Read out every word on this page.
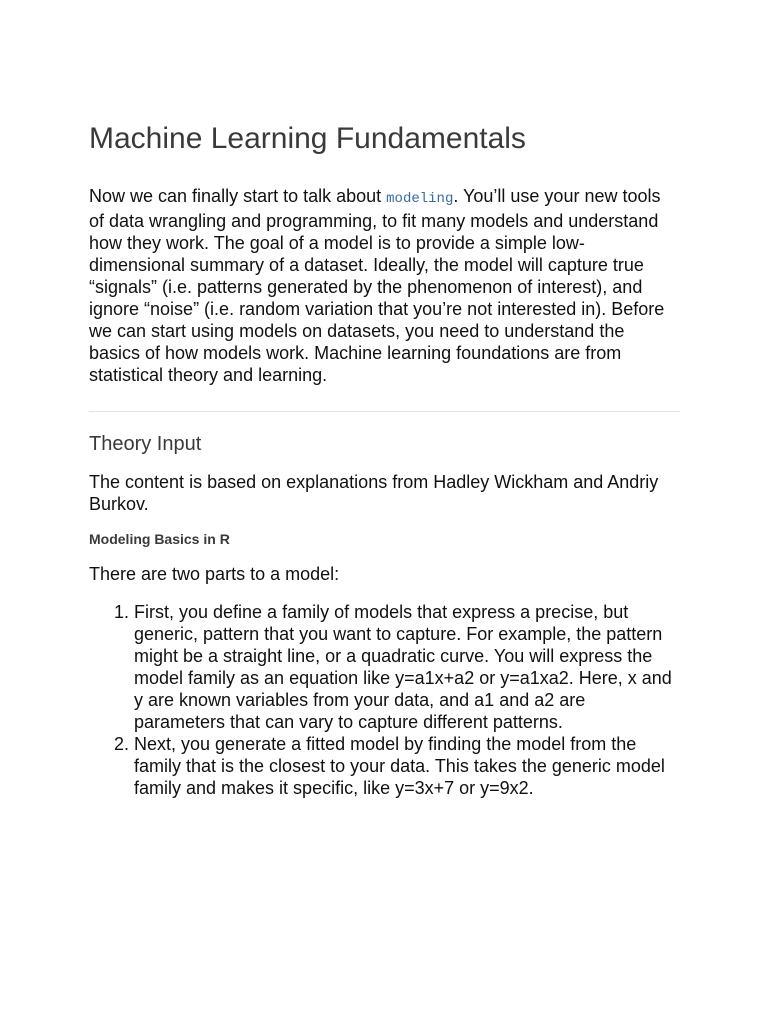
Machine Learning Fundamentals

Now we can finally start to talk about modeling. You’ll use your new tools of data wrangling and programming, to fit many models and understand how they work. The goal of a model is to provide a simple low-dimensional summary of a dataset. Ideally, the model will capture true “signals” (i.e. patterns generated by the phenomenon of interest), and ignore “noise” (i.e. random variation that you’re not interested in). Before we can start using models on datasets, you need to understand the basics of how models work. Machine learning foundations are from statistical theory and learning.

Theory Input

The content is based on explanations from Hadley Wickham and Andriy Burkov.

Modeling Basics in R

There are two parts to a model:

1. First, you define a family of models that express a precise, but generic, pattern that you want to capture. For example, the pattern might be a straight line, or a quadratic curve. You will express the model family as an equation like y=a1x+a2 or y=a1xa2. Here, x and y are known variables from your data, and a1 and a2 are parameters that can vary to capture different patterns.
2. Next, you generate a fitted model by finding the model from the family that is the closest to your data. This takes the generic model family and makes it specific, like y=3x+7 or y=9x2.
